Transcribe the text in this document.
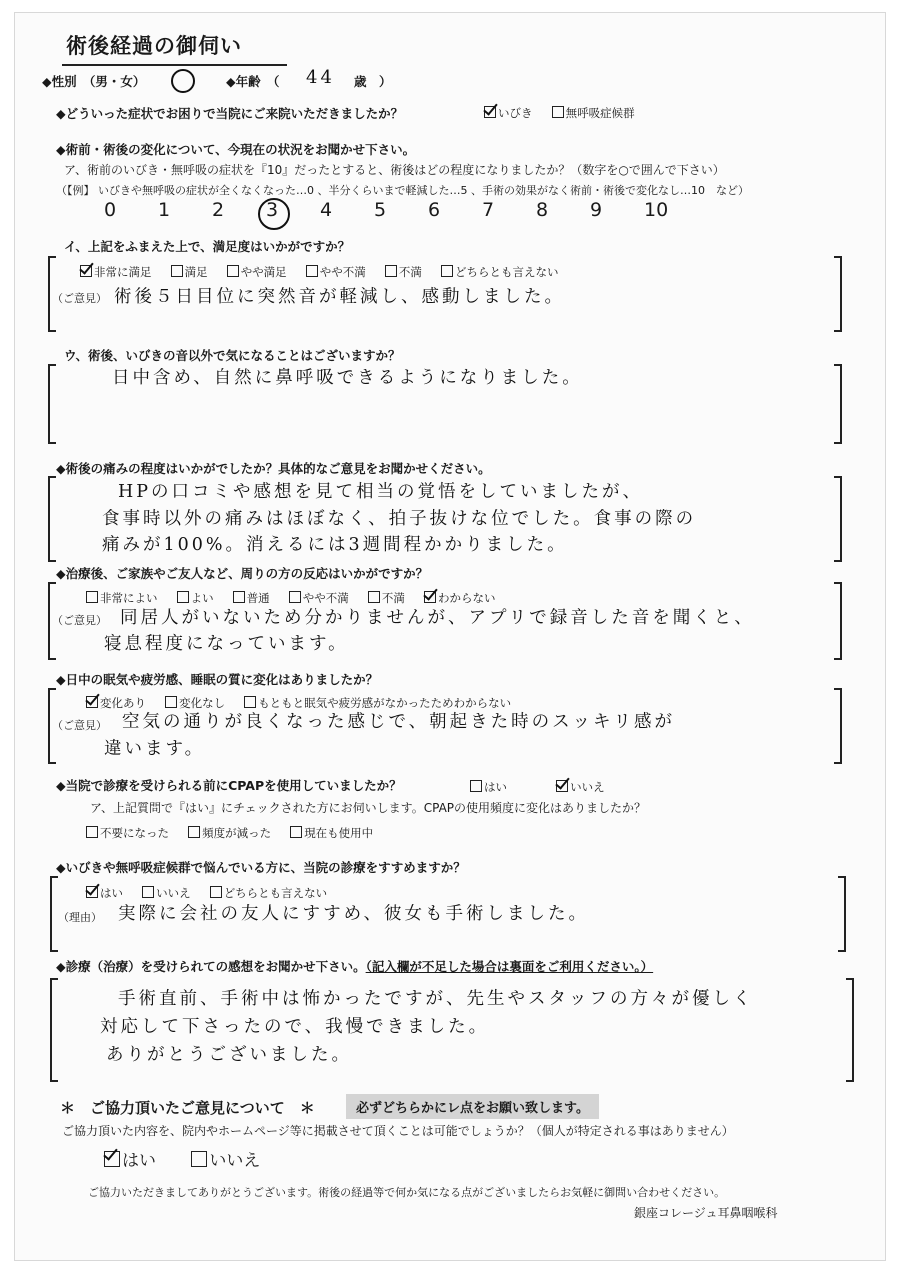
術後経過の御伺い
◆性別　（男・女）	◆年齢　（ 44 歳　）
◆どういった症状でお困りで当院にご来院いただきましたか？	いびき	無呼吸症候群
◆術前・術後の変化について、今現在の状況をお聞かせ下さい。
ア、術前のいびき・無呼吸の症状を『10』だったとすると、術後はどの程度になりましたか？（数字を○で囲んで下さい）
（【例】 いびきや無呼吸の症状が全くなくなった…0 、半分くらいまで軽減した…5 、手術の効果がなく術前・術後で変化なし…10　など）
0 1 2 3 4 5 6 7 8 9 10
イ、上記をふまえた上で、満足度はいかがですか？
非常に満足	満足	やや満足	やや不満	不満	どちらとも言えない
（ご意見） 術後５日目位に突然音が軽減し、感動しました。
ウ、術後、いびきの音以外で気になることはございますか？
日中含め、自然に鼻呼吸できるようになりました。
◆術後の痛みの程度はいかがでしたか？具体的なご意見をお聞かせください。
HPの口コミや感想を見て相当の覚悟をしていましたが、
食事時以外の痛みはほぼなく、拍子抜けな位でした。食事の際の
痛みが100%。消えるには3週間程かかりました。
◆治療後、ご家族やご友人など、周りの方の反応はいかがですか？
非常によい	よい	普通	やや不満	不満	わからない
（ご意見） 同居人がいないため分かりませんが、アプリで録音した音を聞くと、
寝息程度になっています。
◆日中の眠気や疲労感、睡眠の質に変化はありましたか？
変化あり	変化なし	もともと眠気や疲労感がなかったためわからない
（ご意見） 空気の通りが良くなった感じで、朝起きた時のスッキリ感が
違います。
◆当院で診療を受けられる前にCPAPを使用していましたか？	はい	いいえ
ア、上記質問で『はい』にチェックされた方にお伺いします。CPAPの使用頻度に変化はありましたか？
不要になった	頻度が減った	現在も使用中
◆いびきや無呼吸症候群で悩んでいる方に、当院の診療をすすめますか？
はい	いいえ	どちらとも言えない
（理由） 実際に会社の友人にすすめ、彼女も手術しました。
◆診療（治療）を受けられての感想をお聞かせ下さい。（記入欄が不足した場合は裏面をご利用ください。）
手術直前、手術中は怖かったですが、先生やスタッフの方々が優しく
対応して下さったので、我慢できました。
ありがとうございました。
＊　ご協力頂いたご意見について　＊	必ずどちらかにレ点をお願い致します。
ご協力頂いた内容を、院内やホームページ等に掲載させて頂くことは可能でしょうか？（個人が特定される事はありません）
はい	いいえ
ご協力いただきましてありがとうございます。術後の経過等で何か気になる点がございましたらお気軽に御問い合わせください。
銀座コレージュ耳鼻咽喉科
